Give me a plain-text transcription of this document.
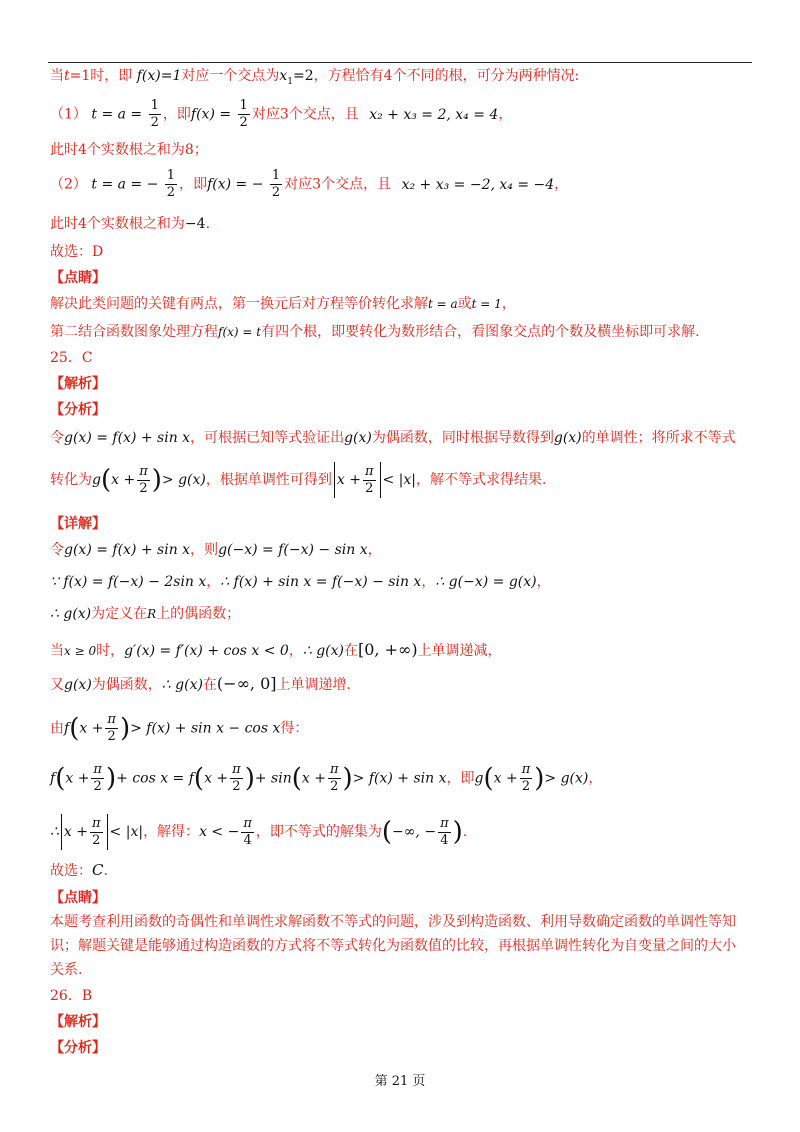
当t=1时，即 f(x)=1对应一个交点为$x_1=2$，方程恰有4个不同的根，可分为两种情况:
（1） $t = a = \frac{1}{2}$ ，即$f(x) = \frac{1}{2}$ 对应3个交点，且 x₂ + x₃ = 2, x₄ = 4，
此时4个实数根之和为8；
（2） t = a = − $\frac{1}{2}$ ，即f(x) = − $\frac{1}{2}$ 对应3个交点，且 x₂ + x₃ = −2, x₄ = −4，
此时4个实数根之和为−4.
故选：D
【点睛】
解决此类问题的关键有两点，第一换元后对方程等价转化求解t = a或t = 1，
第二结合函数图象处理方程f(x) = t有四个根，即要转化为数形结合，看图象交点的个数及横坐标即可求解.
25．C
【解析】
【分析】
令g(x) = f(x) + sin x，可根据已知等式验证出g(x)为偶函数，同时根据导数得到g(x)的单调性；将所求不等式
转化为$g(x + \frac{\pi}{2}$ )> g(x)，根据单调性可得到 $x + \frac{\pi}{2} < |x|$，解不等式求得结果.
【详解】
令g(x) = f(x) + sin x，则g(−x) = f(−x) − sin x，
∵ f(x) = f(−x) − 2sin x，∴ f(x) + sin x = f(−x) − sin x，∴ g(−x) = g(x)，
∴ g(x)为定义在R上的偶函数；
当x ≥ 0时，g′(x) = f′(x) + cos x < 0，∴ g(x)在[0, +∞)上单调递减，
又g(x)为偶函数，∴ g(x)在(−∞, 0]上单调递增.
由$f(x + \frac{\pi}{2}$ )> f(x) + sin x − cos x得：
$f(x + \frac{\pi}{2}$ )+ $\cos x = f(x + \frac{\pi}{2}$ )+ $\sin(x + \frac{\pi}{2}$ )> f(x) + sin x，即$g(x + \frac{\pi}{2}$ )> g(x)，
∴ $x + \frac{\pi}{2} < |x|$，解得：x < − $\frac{\pi}{4}$ ，即不等式的解集为(−∞, − $\frac{\pi}{4}$ ).
故选：C.
【点睛】
本题考查利用函数的奇偶性和单调性求解函数不等式的问题，涉及到构造函数、利用导数确定函数的单调性等知
识；解题关键是能够通过构造函数的方式将不等式转化为函数值的比较，再根据单调性转化为自变量之间的大小
关系.
26．B
【解析】
【分析】
第 21 页
